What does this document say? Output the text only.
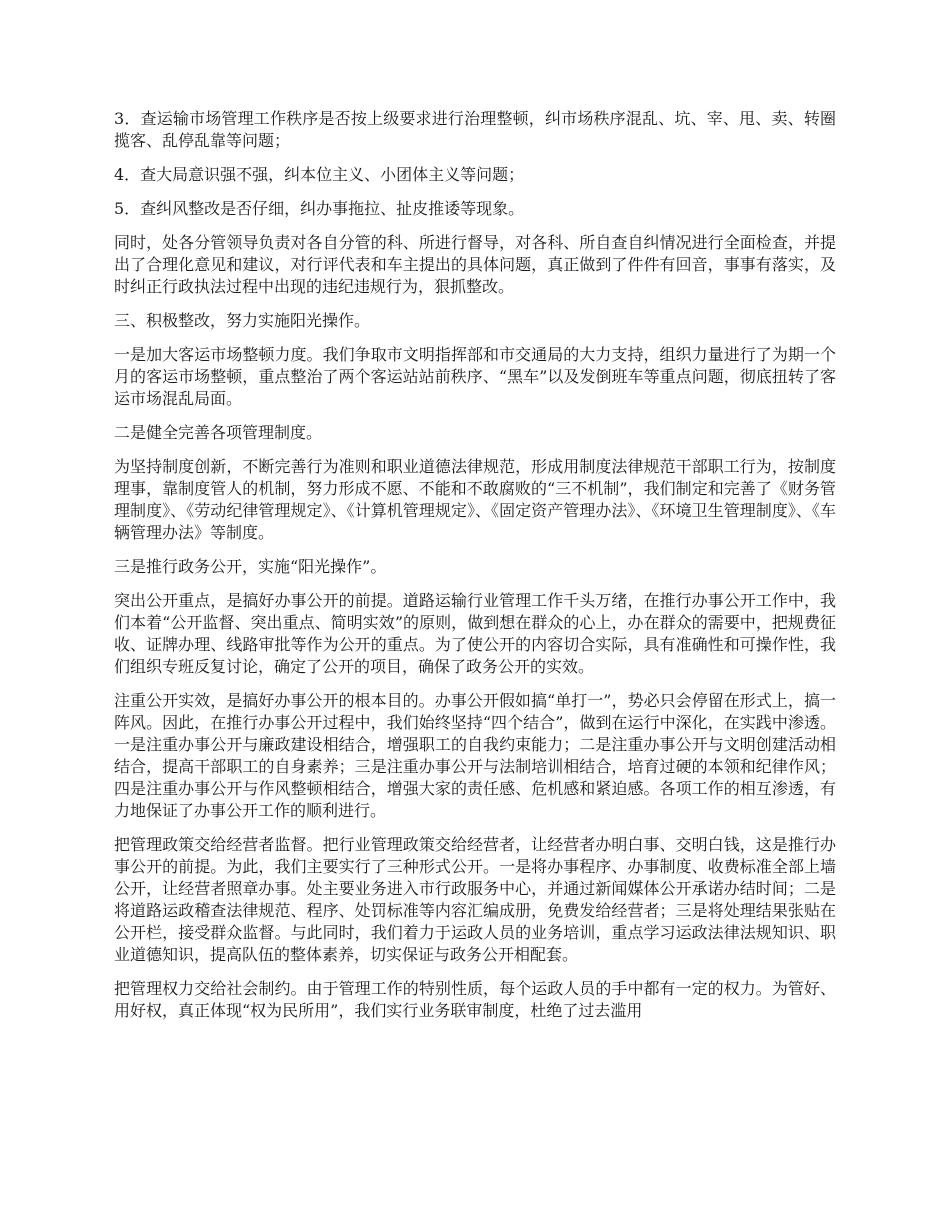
3．查运输市场管理工作秩序是否按上级要求进行治理整顿，纠市场秩序混乱、坑、宰、甩、卖、转圈揽客、乱停乱靠等问题；

4．查大局意识强不强，纠本位主义、小团体主义等问题；

5．查纠风整改是否仔细，纠办事拖拉、扯皮推诿等现象。

同时，处各分管领导负责对各自分管的科、所进行督导，对各科、所自查自纠情况进行全面检查，并提出了合理化意见和建议，对行评代表和车主提出的具体问题，真正做到了件件有回音，事事有落实，及时纠正行政执法过程中出现的违纪违规行为，狠抓整改。

三、积极整改，努力实施阳光操作。

一是加大客运市场整顿力度。我们争取市文明指挥部和市交通局的大力支持，组织力量进行了为期一个月的客运市场整顿，重点整治了两个客运站站前秩序、“黑车”以及发倒班车等重点问题，彻底扭转了客运市场混乱局面。

二是健全完善各项管理制度。

为坚持制度创新，不断完善行为准则和职业道德法律规范，形成用制度法律规范干部职工行为，按制度理事，靠制度管人的机制，努力形成不愿、不能和不敢腐败的“三不机制”，我们制定和完善了《财务管理制度》、《劳动纪律管理规定》、《计算机管理规定》、《固定资产管理办法》、《环境卫生管理制度》、《车辆管理办法》等制度。

三是推行政务公开，实施“阳光操作”。

突出公开重点，是搞好办事公开的前提。道路运输行业管理工作千头万绪，在推行办事公开工作中，我们本着“公开监督、突出重点、简明实效”的原则，做到想在群众的心上，办在群众的需要中，把规费征收、证牌办理、线路审批等作为公开的重点。为了使公开的内容切合实际，具有准确性和可操作性，我们组织专班反复讨论，确定了公开的项目，确保了政务公开的实效。

注重公开实效，是搞好办事公开的根本目的。办事公开假如搞“单打一”，势必只会停留在形式上，搞一阵风。因此，在推行办事公开过程中，我们始终坚持“四个结合”，做到在运行中深化，在实践中渗透。一是注重办事公开与廉政建设相结合，增强职工的自我约束能力；二是注重办事公开与文明创建活动相结合，提高干部职工的自身素养；三是注重办事公开与法制培训相结合，培育过硬的本领和纪律作风；四是注重办事公开与作风整顿相结合，增强大家的责任感、危机感和紧迫感。各项工作的相互渗透，有力地保证了办事公开工作的顺利进行。

把管理政策交给经营者监督。把行业管理政策交给经营者，让经营者办明白事、交明白钱，这是推行办事公开的前提。为此，我们主要实行了三种形式公开。一是将办事程序、办事制度、收费标准全部上墙公开，让经营者照章办事。处主要业务进入市行政服务中心，并通过新闻媒体公开承诺办结时间；二是将道路运政稽查法律规范、程序、处罚标准等内容汇编成册，免费发给经营者；三是将处理结果张贴在公开栏，接受群众监督。与此同时，我们着力于运政人员的业务培训，重点学习运政法律法规知识、职业道德知识，提高队伍的整体素养，切实保证与政务公开相配套。

把管理权力交给社会制约。由于管理工作的特别性质，每个运政人员的手中都有一定的权力。为管好、用好权，真正体现“权为民所用”，我们实行业务联审制度，杜绝了过去滥用
